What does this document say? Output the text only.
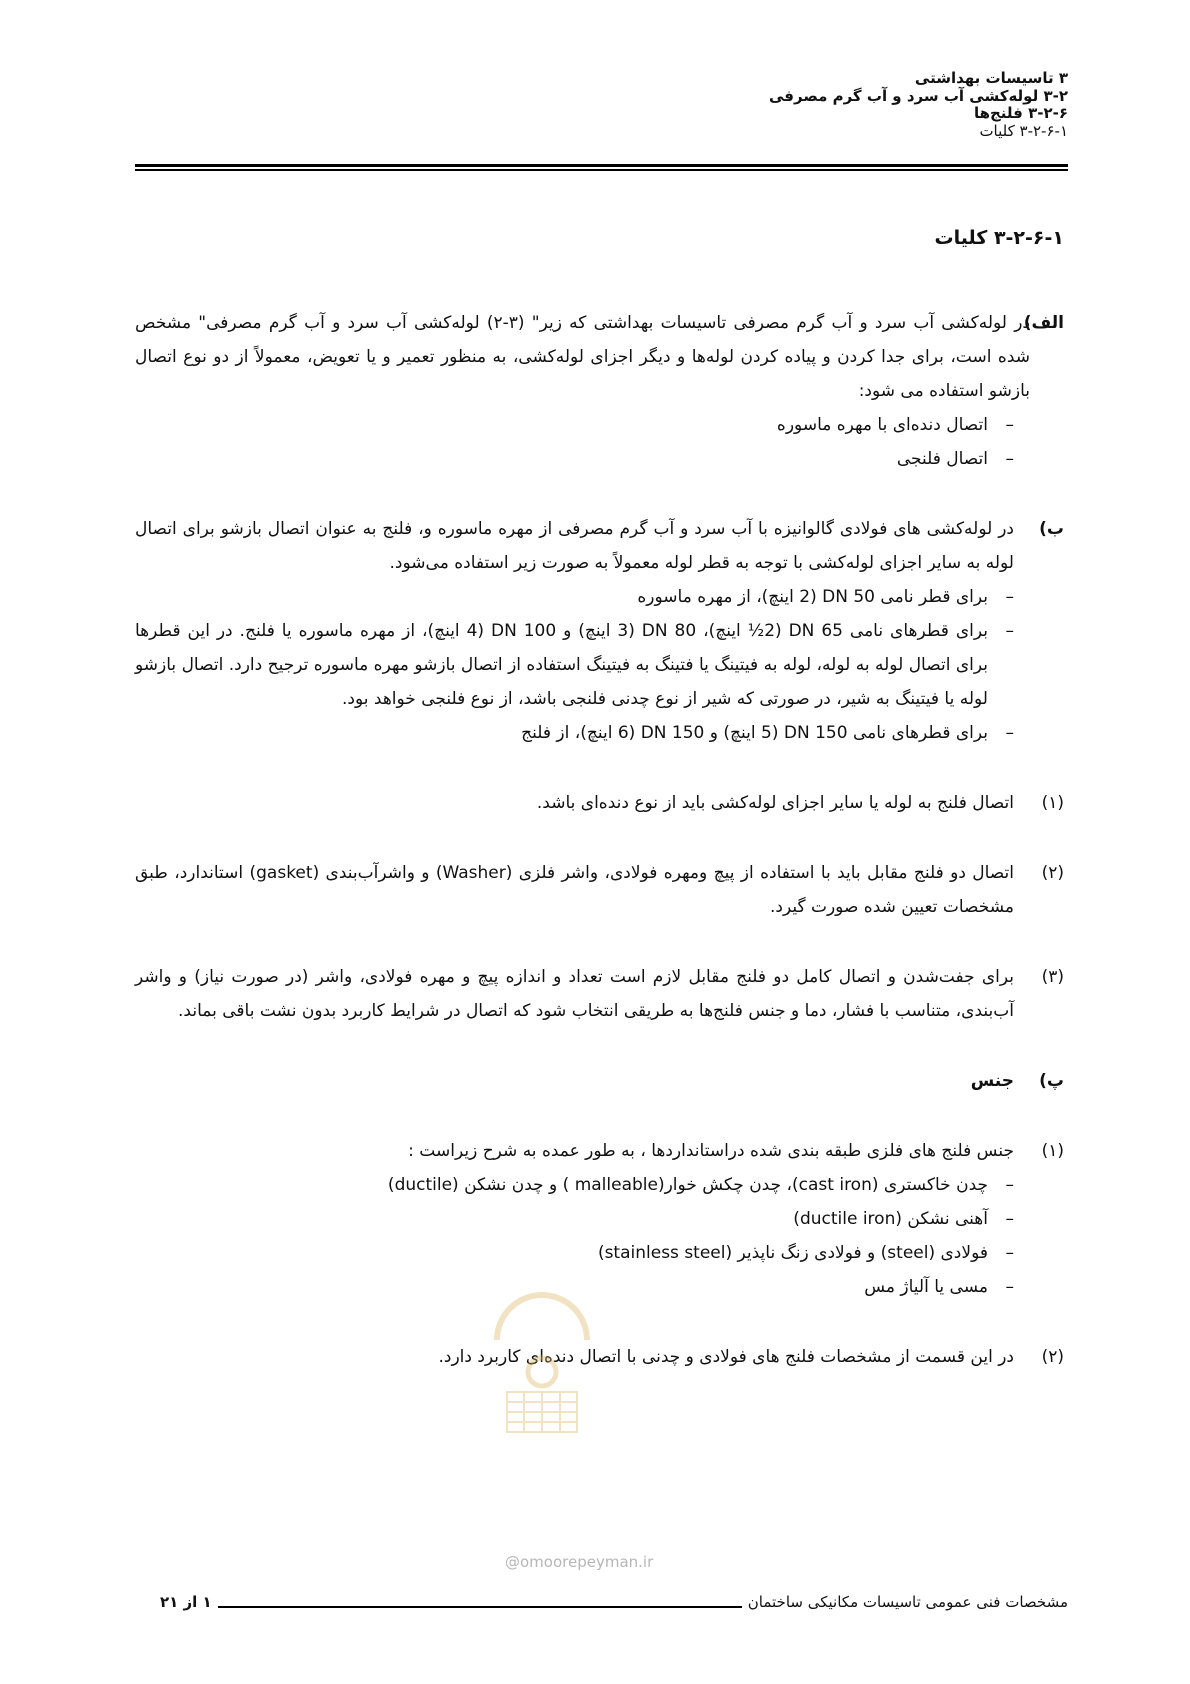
۳ تاسیسات بهداشتی
۳-۲ لوله‌کشی آب سرد و آب گرم مصرفی
۳-۲-۶ فلنج‌ها
۳-۲-۶-۱ کلیات
۳-۲-۶-۱ کلیات
الف)
در لوله‌کشی آب سرد و آب گرم مصرفی تاسیسات بهداشتی که زیر" (۳-۲) لوله‌کشی آب سرد و آب گرم مصرفی" مشخص شده است، برای جدا کردن و پیاده کردن لوله‌ها و دیگر اجزای لوله‌کشی، به منظور تعمیر و یا تعویض، معمولاً از دو نوع اتصال بازشو استفاده می شود:
–
اتصال دنده‌ای با مهره ماسوره
–
اتصال فلنجی
ب)
در لوله‌کشی های فولادی گالوانیزه با آب سرد و آب گرم مصرفی از مهره ماسوره و، فلنج به عنوان اتصال بازشو برای اتصال لوله به سایر اجزای لوله‌کشی با توجه به قطر لوله معمولاً به صورت زیر استفاده می‌شود.
–
برای قطر نامی DN 50 (2 اینچ)، از مهره ماسوره
–
برای قطرهای نامی DN 65 (2½ اینچ)، DN 80 (3 اینچ) و DN 100 (4 اینچ)، از مهره ماسوره یا فلنج. در این قطرها برای اتصال لوله به لوله، لوله به فیتینگ یا فتینگ به فیتینگ استفاده از اتصال بازشو مهره ماسوره ترجیح دارد. اتصال بازشو لوله یا فیتینگ به شیر، در صورتی که شیر از نوع چدنی فلنجی باشد، از نوع فلنجی خواهد بود.
–
برای قطرهای نامی DN 150 (5 اینچ) و DN 150 (6 اینچ)، از فلنج
(۱)
اتصال فلنج به لوله یا سایر اجزای لوله‌کشی باید از نوع دنده‌ای باشد.
(۲)
اتصال دو فلنج مقابل باید با استفاده از پیچ ومهره فولادی، واشر فلزی (Washer) و واشرآب‌بندی (gasket) استاندارد، طبق مشخصات تعیین شده صورت گیرد.
(۳)
برای جفت‌شدن و اتصال کامل دو فلنج مقابل لازم است تعداد و اندازه پیچ و مهره فولادی، واشر (در صورت نیاز) و واشر آب‌بندی، متناسب با فشار، دما و جنس فلنج‌ها به طریقی انتخاب شود که اتصال در شرایط کاربرد بدون نشت باقی بماند.
پ)
جنس
(۱)
جنس فلنج های فلزی طبقه بندی شده دراستانداردها ، به طور عمده به شرح زیراست :
–
چدن خاکستری (cast iron)، چدن چکش خوار(malleable ) و چدن نشکن (ductile)
–
آهنی نشکن (ductile iron)
–
فولادی (steel) و فولادی زنگ ناپذیر (stainless steel)
–
مسی یا آلیاژ مس
(۲)
در این قسمت از مشخصات فلنج های فولادی و چدنی با اتصال دنده‌ای کاربرد دارد.
@omoorepeyman.ir
مشخصات فنی عمومی تاسیسات مکانیکی ساختمان
۱ از ۲۱
